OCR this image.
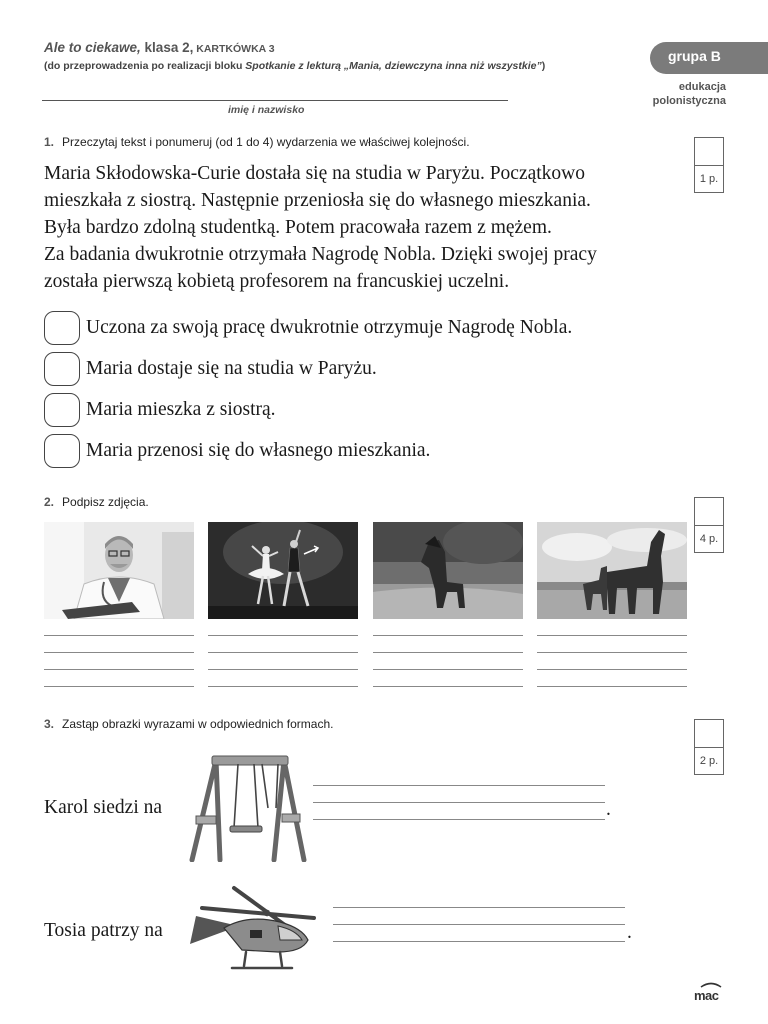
Ale to ciekawe, klasa 2, KARTKÓWKA 3
(do przeprowadzenia po realizacji bloku Spotkanie z lekturą „Mania, dziewczyna inna niż wszystkie”)
imię i nazwisko
grupa B
edukacja
polonistyczna
1. Przeczytaj tekst i ponumeruj (od 1 do 4) wydarzenia we właściwej kolejności.
1 p.
Maria Skłodowska-Curie dostała się na studia w Paryżu. Początkowo
mieszkała z siostrą. Następnie przeniosła się do własnego mieszkania.
Była bardzo zdolną studentką. Potem pracowała razem z mężem.
Za badania dwukrotnie otrzymała Nagrodę Nobla. Dzięki swojej pracy
została pierwszą kobietą profesorem na francuskiej uczelni.
Uczona za swoją pracę dwukrotnie otrzymuje Nagrodę Nobla.
Maria dostaje się na studia w Paryżu.
Maria mieszka z siostrą.
Maria przenosi się do własnego mieszkania.
2. Podpisz zdjęcia.
4 p.
3. Zastąp obrazki wyrazami w odpowiednich formach.
2 p.
Karol siedzi na	.
Tosia patrzy na	.
mac
